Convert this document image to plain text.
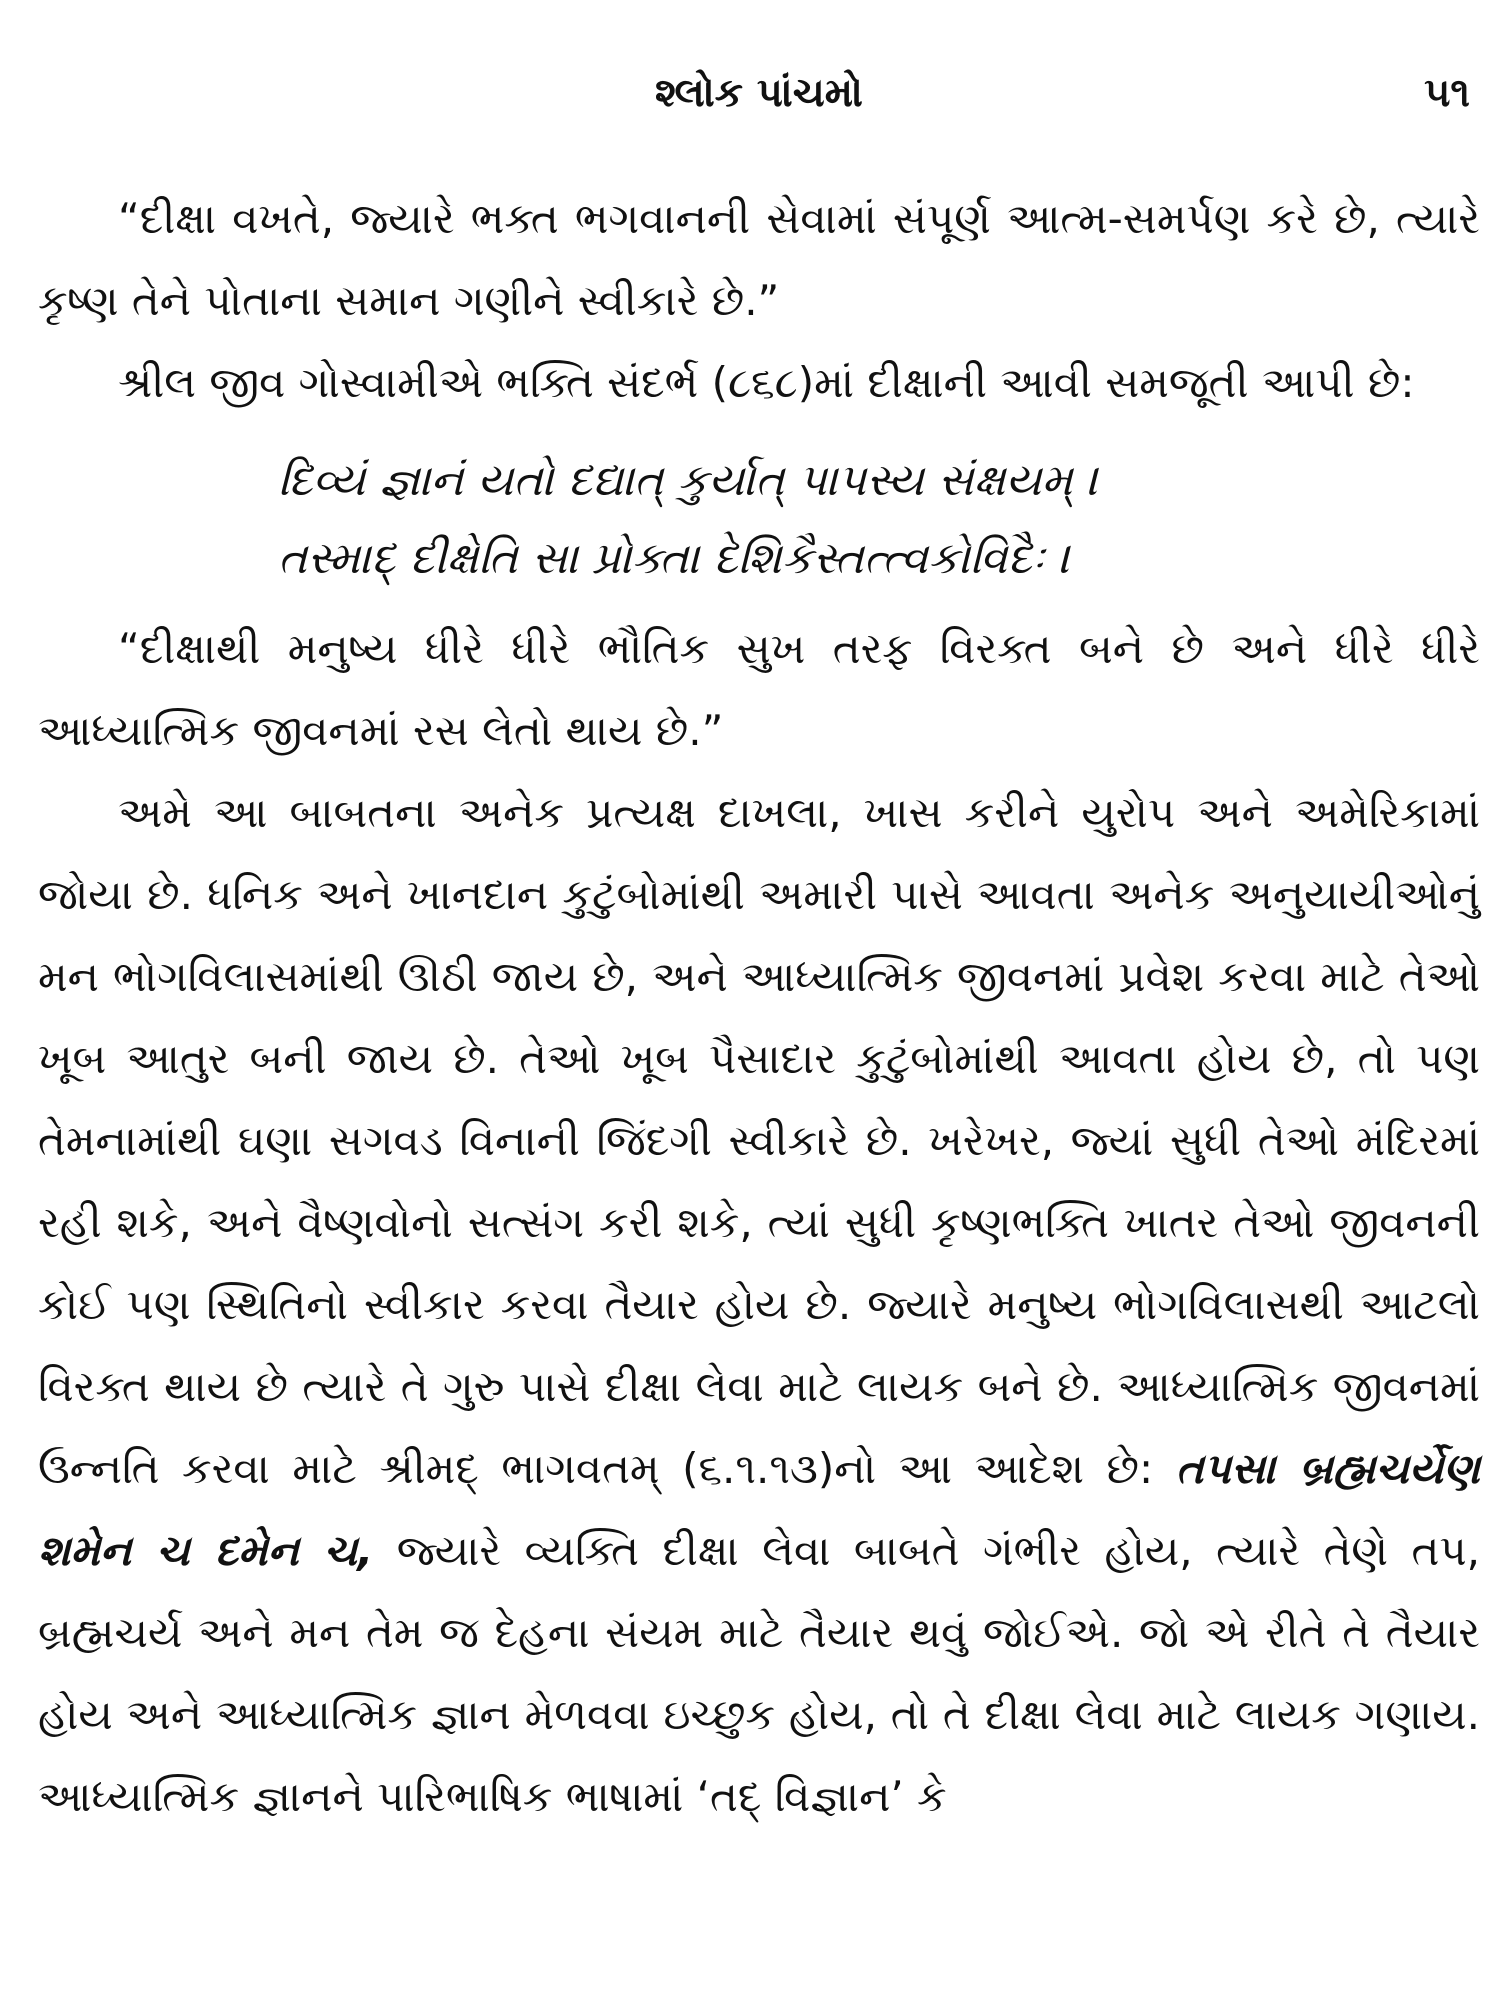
શ્લોક પાંચમો	૫૧

“દીક્ષા વખતે, જ્યારે ભક્ત ભગવાનની સેવામાં સંપૂર્ણ આત્મ-સમર્પણ કરે છે, ત્યારે કૃષ્ણ તેને પોતાના સમાન ગણીને સ્વીકારે છે.”

શ્રીલ જીવ ગોસ્વામીએ ભક્તિ સંદર્ભ (૮૬૮)માં દીક્ષાની આવી સમજૂતી આપી છે:

દિવ્યં જ્ઞાનં યતો દદ્યાત્ કુર્યાત્ પાપસ્ય સંક્ષયમ્ ।

તસ્માદ્ દીક્ષેતિ સા પ્રોક્તા દેશિકૈસ્તત્ત્વકોવિદૈઃ ।

“દીક્ષાથી મનુષ્ય ધીરે ધીરે ભૌતિક સુખ તરફ વિરક્ત બને છે અને ધીરે ધીરે આધ્યાત્મિક જીવનમાં રસ લેતો થાય છે.”

અમે આ બાબતના અનેક પ્રત્યક્ષ દાખલા, ખાસ કરીને યુરોપ અને અમેરિકામાં જોયા છે. ધનિક અને ખાનદાન કુટુંબોમાંથી અમારી પાસે આવતા અનેક અનુયાયીઓનું મન ભોગવિલાસમાંથી ઊઠી જાય છે, અને આધ્યાત્મિક જીવનમાં પ્રવેશ કરવા માટે તેઓ ખૂબ આતુર બની જાય છે. તેઓ ખૂબ પૈસાદાર કુટુંબોમાંથી આવતા હોય છે, તો પણ તેમનામાંથી ઘણા સગવડ વિનાની જિંદગી સ્વીકારે છે. ખરેખર, જ્યાં સુધી તેઓ મંદિરમાં રહી શકે, અને વૈષ્ણવોનો સત્સંગ કરી શકે, ત્યાં સુધી કૃષ્ણભક્તિ ખાતર તેઓ જીવનની કોઈ પણ સ્થિતિનો સ્વીકાર કરવા તૈયાર હોય છે. જ્યારે મનુષ્ય ભોગવિલાસથી આટલો વિરક્ત થાય છે ત્યારે તે ગુરુ પાસે દીક્ષા લેવા માટે લાયક બને છે. આધ્યાત્મિક જીવનમાં ઉન્નતિ કરવા માટે શ્રીમદ્ ભાગવતમ્ (૬.૧.૧૩)નો આ આદેશ છે: તપસા બ્રહ્મચર્યેણ શમેન ચ દમેન ચ, જ્યારે વ્યક્તિ દીક્ષા લેવા બાબતે ગંભીર હોય, ત્યારે તેણે તપ, બ્રહ્મચર્ય અને મન તેમ જ દેહના સંયમ માટે તૈયાર થવું જોઈએ. જો એ રીતે તે તૈયાર હોય અને આધ્યાત્મિક જ્ઞાન મેળવવા ઇચ્છુક હોય, તો તે દીક્ષા લેવા માટે લાયક ગણાય. આધ્યાત્મિક જ્ઞાનને પારિભાષિક ભાષામાં ‘તદ્ વિજ્ઞાન’ કે
